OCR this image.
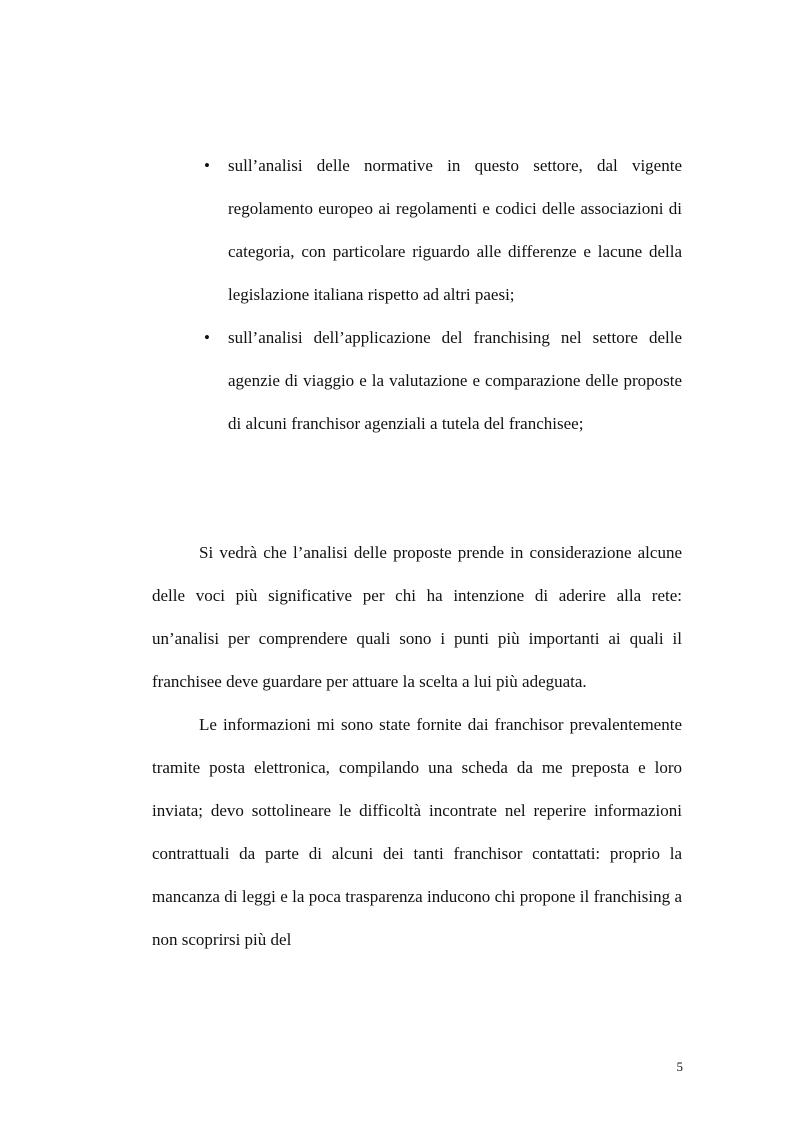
•	sull’analisi delle normative in questo settore, dal vigente regolamento europeo ai regolamenti e codici delle associazioni di categoria, con particolare riguardo alle differenze e lacune della legislazione italiana rispetto ad altri paesi;
•	sull’analisi dell’applicazione del franchising nel settore delle agenzie di viaggio e la valutazione e comparazione delle proposte di alcuni franchisor agenziali a tutela del franchisee;

Si vedrà che l’analisi delle proposte prende in considerazione alcune delle voci più significative per chi ha intenzione di aderire alla rete: un’analisi per comprendere quali sono i punti più importanti ai quali il franchisee deve guardare per attuare la scelta a lui più adeguata.

Le informazioni mi sono state fornite dai franchisor prevalentemente tramite posta elettronica, compilando una scheda da me preposta e loro inviata; devo sottolineare le difficoltà incontrate nel reperire informazioni contrattuali da parte di alcuni dei tanti franchisor contattati: proprio la mancanza di leggi e la poca trasparenza inducono chi propone il franchising a non scoprirsi più del

5
